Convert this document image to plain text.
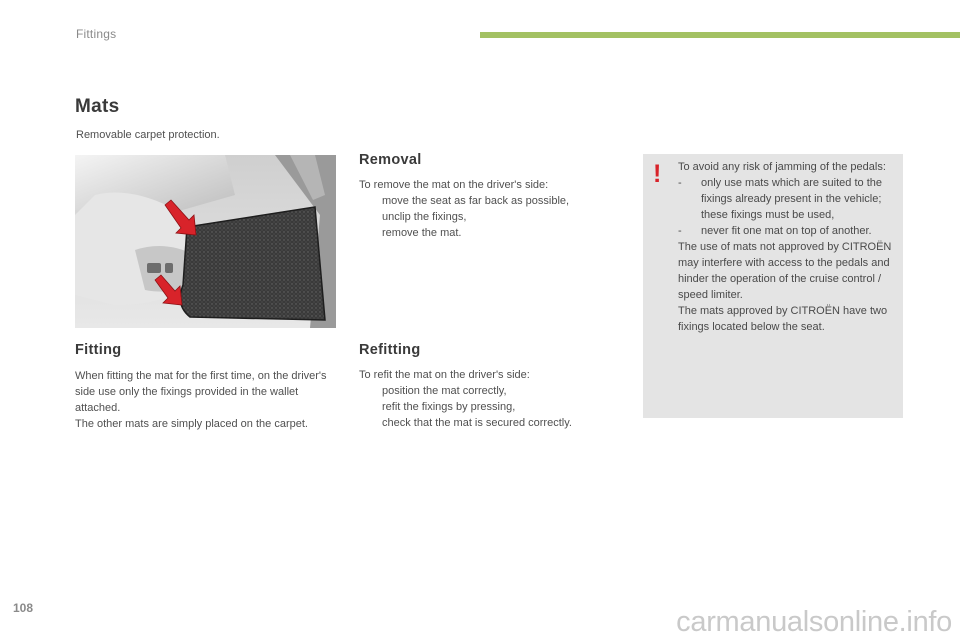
Fittings
Mats
Removable carpet protection.
Fitting

When fitting the mat for the first time, on the driver's side use only the fixings provided in the wallet attached.

The other mats are simply placed on the carpet.

Removal

To remove the mat on the driver's side:

move the seat as far back as possible,
unclip the fixings,
remove the mat.
Refitting

To refit the mat on the driver's side:

position the mat correctly,
refit the fixings by pressing,
check that the mat is secured correctly.
! To avoid any risk of jamming of the pedals:

- only use mats which are suited to the fixings already present in the vehicle; these fixings must be used,
- never fit one mat on top of another.

The use of mats not approved by CITROËN may interfere with access to the pedals and hinder the operation of the cruise control / speed limiter.

The mats approved by CITROËN have two fixings located below the seat.

108	carmanualsonline.info
